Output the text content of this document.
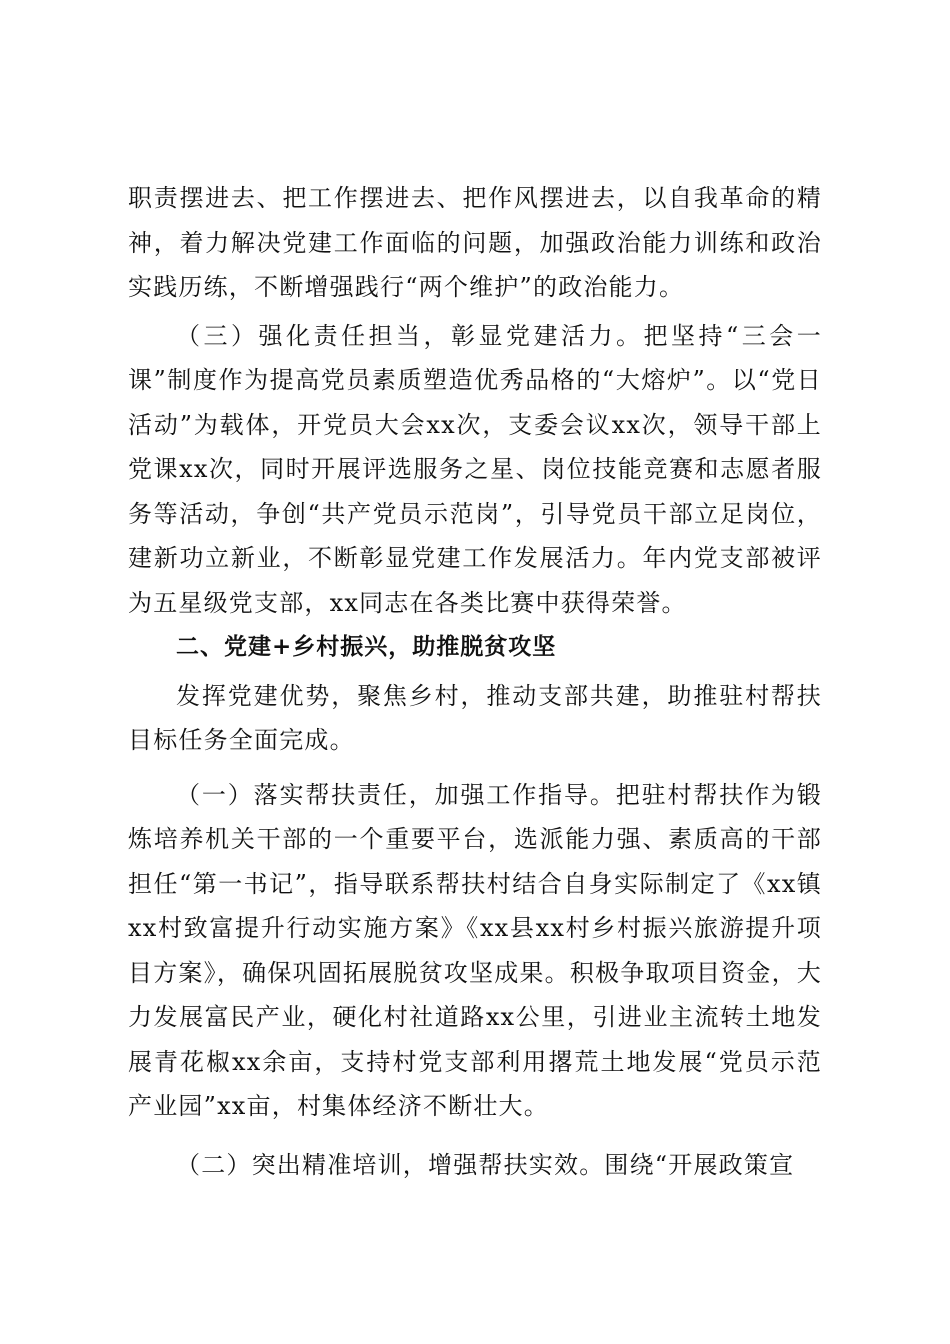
职责摆进去、把工作摆进去、把作风摆进去，以自我革命的精神，着力解决党建工作面临的问题，加强政治能力训练和政治实践历练，不断增强践行“两个维护”的政治能力。

（三）强化责任担当，彰显党建活力。把坚持“三会一课”制度作为提高党员素质塑造优秀品格的“大熔炉”。以“党日活动”为载体，开党员大会xx次，支委会议xx次，领导干部上党课xx次，同时开展评选服务之星、岗位技能竞赛和志愿者服务等活动，争创“共产党员示范岗”，引导党员干部立足岗位，建新功立新业，不断彰显党建工作发展活力。年内党支部被评为五星级党支部，xx同志在各类比赛中获得荣誉。

二、党建+乡村振兴，助推脱贫攻坚

发挥党建优势，聚焦乡村，推动支部共建，助推驻村帮扶目标任务全面完成。

（一）落实帮扶责任，加强工作指导。把驻村帮扶作为锻炼培养机关干部的一个重要平台，选派能力强、素质高的干部担任“第一书记”，指导联系帮扶村结合自身实际制定了《xx镇xx村致富提升行动实施方案》《xx县xx村乡村振兴旅游提升项目方案》，确保巩固拓展脱贫攻坚成果。积极争取项目资金，大力发展富民产业，硬化村社道路xx公里，引进业主流转土地发展青花椒xx余亩，支持村党支部利用撂荒土地发展“党员示范产业园”xx亩，村集体经济不断壮大。

（二）突出精准培训，增强帮扶实效。围绕“开展政策宣
